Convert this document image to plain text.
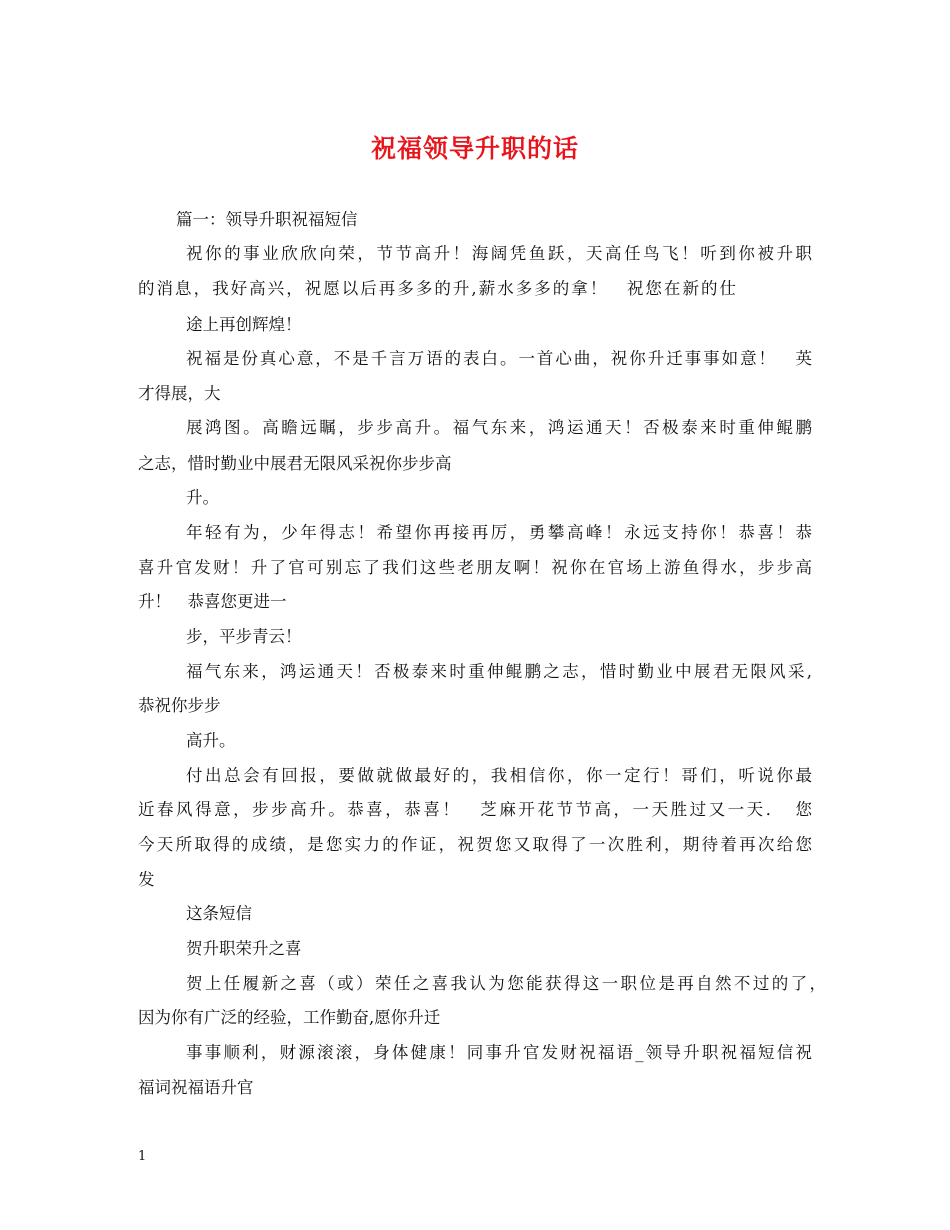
祝福领导升职的话
篇一：领导升职祝福短信
祝你的事业欣欣向荣，节节高升！海阔凭鱼跃，天高任鸟飞！听到你被升职
的消息，我好高兴，祝愿以后再多多的升,薪水多多的拿！　祝您在新的仕
途上再创辉煌！
祝福是份真心意，不是千言万语的表白。一首心曲，祝你升迁事事如意！　英
才得展，大
展鸿图。高瞻远瞩，步步高升。福气东来，鸿运通天！否极泰来时重伸鲲鹏
之志，惜时勤业中展君无限风采祝你步步高
升。
年轻有为，少年得志！希望你再接再厉，勇攀高峰！永远支持你！恭喜！恭
喜升官发财！升了官可别忘了我们这些老朋友啊！祝你在官场上游鱼得水，步步高
升！　恭喜您更进一
步，平步青云！
福气东来，鸿运通天！否极泰来时重伸鲲鹏之志，惜时勤业中展君无限风采,
恭祝你步步
高升。
付出总会有回报，要做就做最好的，我相信你，你一定行！哥们，听说你最
近春风得意，步步高升。恭喜，恭喜！　芝麻开花节节高，一天胜过又一天．　您
今天所取得的成绩，是您实力的作证，祝贺您又取得了一次胜利，期待着再次给您
发
这条短信
贺升职荣升之喜
贺上任履新之喜（或）荣任之喜我认为您能获得这一职位是再自然不过的了，
因为你有广泛的经验，工作勤奋,愿你升迁
事事顺利，财源滚滚，身体健康！同事升官发财祝福语_领导升职祝福短信祝
福词祝福语升官
1
